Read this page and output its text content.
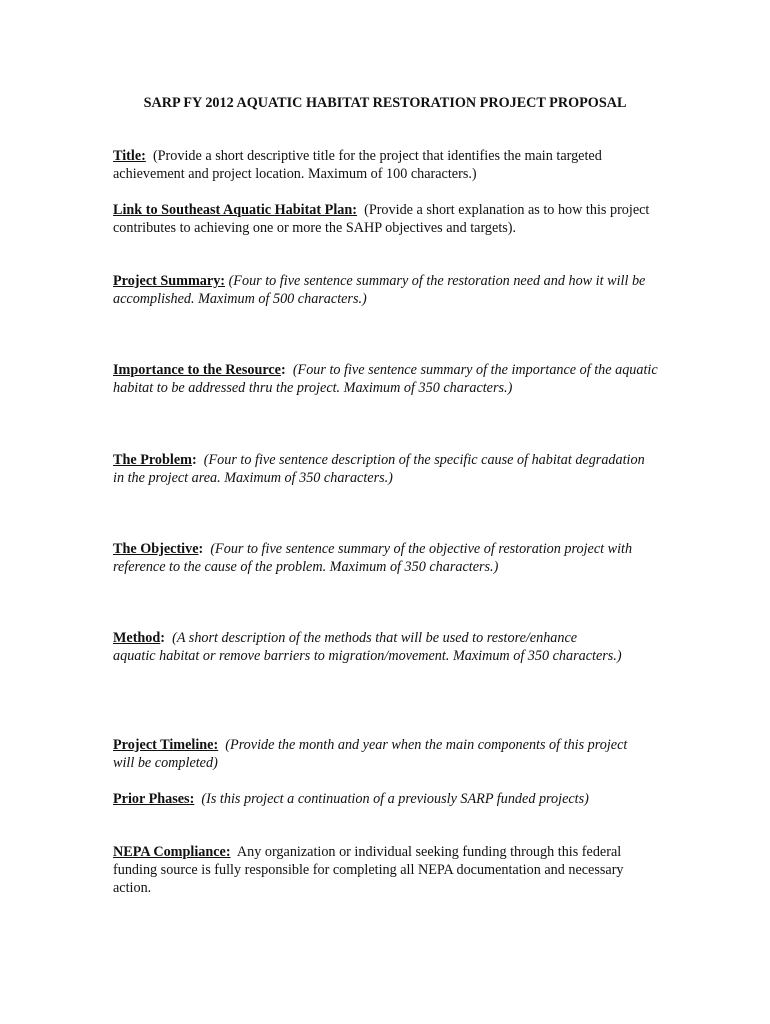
SARP FY 2012 AQUATIC HABITAT RESTORATION PROJECT PROPOSAL

Title: (Provide a short descriptive title for the project that identifies the main targeted achievement and project location. Maximum of 100 characters.)

Link to Southeast Aquatic Habitat Plan: (Provide a short explanation as to how this project contributes to achieving one or more the SAHP objectives and targets).

Project Summary: (Four to five sentence summary of the restoration need and how it will be accomplished. Maximum of 500 characters.)

Importance to the Resource: (Four to five sentence summary of the importance of the aquatic habitat to be addressed thru the project. Maximum of 350 characters.)

The Problem: (Four to five sentence description of the specific cause of habitat degradation in the project area. Maximum of 350 characters.)

The Objective: (Four to five sentence summary of the objective of restoration project with reference to the cause of the problem. Maximum of 350 characters.)

Method: (A short description of the methods that will be used to restore/enhance aquatic habitat or remove barriers to migration/movement. Maximum of 350 characters.)

Project Timeline: (Provide the month and year when the main components of this project will be completed)

Prior Phases: (Is this project a continuation of a previously SARP funded projects)

NEPA Compliance: Any organization or individual seeking funding through this federal funding source is fully responsible for completing all NEPA documentation and necessary action.
